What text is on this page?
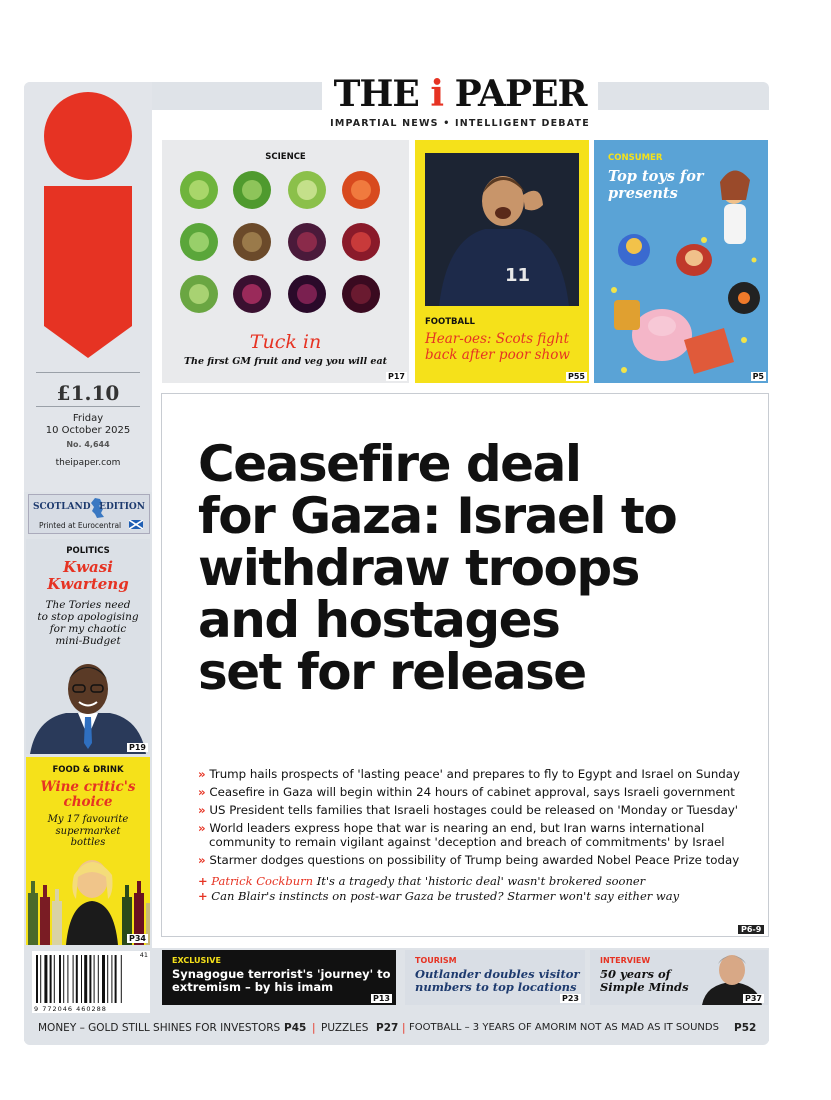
THE i PAPER
IMPARTIAL NEWS • INTELLIGENT DEBATE
£1.10
Friday
10 October 2025
No. 4,644
theipaper.com
SCOTLAND EDITION
Printed at Eurocentral
POLITICS
Kwasi
Kwarteng
The Tories need
to stop apologising
for my chaotic
mini-Budget
P19
FOOD & DRINK
Wine critic's
choice
My 17 favourite
supermarket
bottles
P34
SCIENCE
Tuck in
The first GM fruit and veg you will eat
P17
11
FOOTBALL
Hear-oes: Scots fight
back after poor show
P55
CONSUMER
Top toys for
presents
P5
Ceasefire deal
for Gaza: Israel to
withdraw troops
and hostages
set for release
» Trump hails prospects of 'lasting peace' and prepares to fly to Egypt and Israel on Sunday
» Ceasefire in Gaza will begin within 24 hours of cabinet approval, says Israeli government
» US President tells families that Israeli hostages could be released on 'Monday or Tuesday'
» World leaders express hope that war is nearing an end, but Iran warns international
community to remain vigilant against 'deception and breach of commitments' by Israel
» Starmer dodges questions on possibility of Trump being awarded Nobel Peace Prize today
+ Patrick Cockburn It's a tragedy that 'historic deal' wasn't brokered sooner
+ Can Blair's instincts on post-war Gaza be trusted? Starmer won't say either way
P6-9
9 772046 460288
41
EXCLUSIVE
Synagogue terrorist's 'journey' to
extremism – by his imam
P13
TOURISM
Outlander doubles visitor
numbers to top locations
P23
INTERVIEW
50 years of
Simple Minds
P37
MONEY – GOLD STILL SHINES FOR INVESTORS P45 | PUZZLES P27 | FOOTBALL – 3 YEARS OF AMORIM NOT AS MAD AS IT SOUNDS P52
